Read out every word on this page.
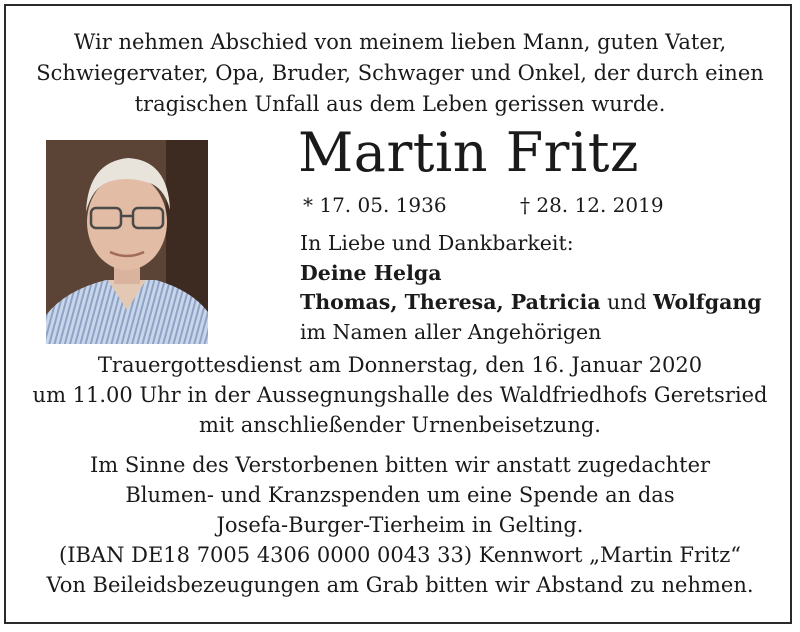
Wir nehmen Abschied von meinem lieben Mann, guten Vater,
Schwiegervater, Opa, Bruder, Schwager und Onkel, der durch einen
tragischen Unfall aus dem Leben gerissen wurde.
Martin Fritz
* 17. 05. 1936	† 28. 12. 2019
In Liebe und Dankbarkeit:
Deine Helga
Thomas, Theresa, Patricia und Wolfgang
im Namen aller Angehörigen
Trauergottesdienst am Donnerstag, den 16. Januar 2020
um 11.00 Uhr in der Aussegnungshalle des Waldfriedhofs Geretsried
mit anschließender Urnenbeisetzung.
Im Sinne des Verstorbenen bitten wir anstatt zugedachter
Blumen- und Kranzspenden um eine Spende an das
Josefa-Burger-Tierheim in Gelting.
(IBAN DE18 7005 4306 0000 0043 33) Kennwort „Martin Fritz“
Von Beileidsbezeugungen am Grab bitten wir Abstand zu nehmen.
